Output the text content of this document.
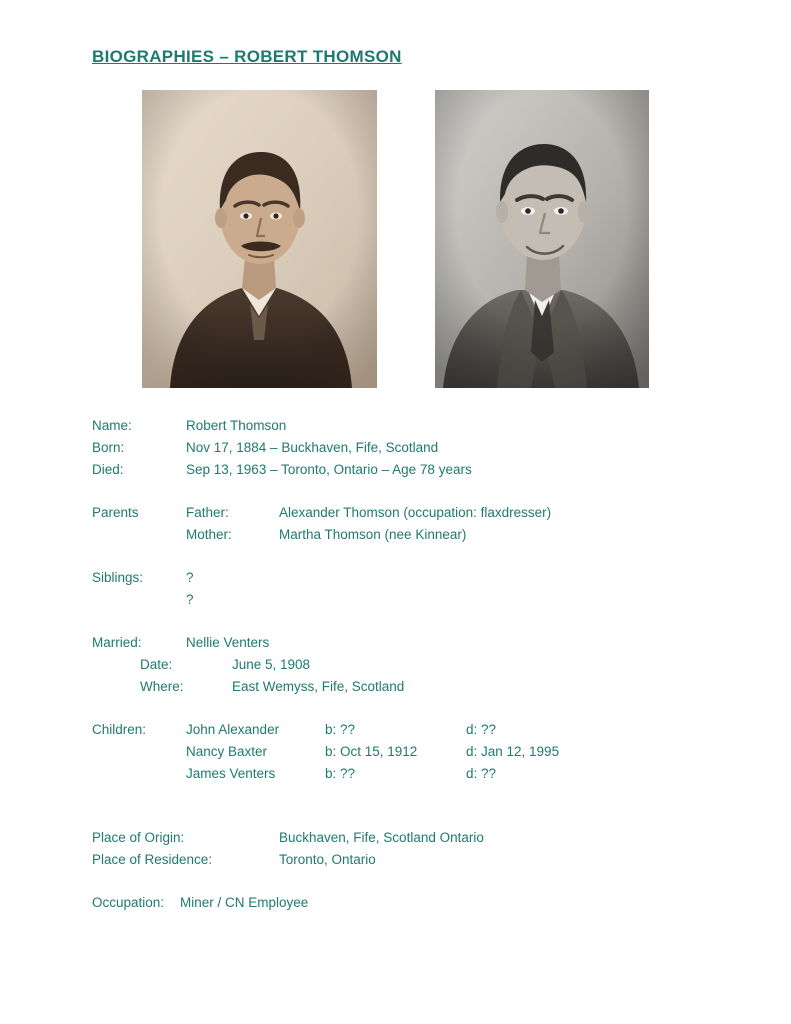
BIOGRAPHIES – ROBERT THOMSON
Name:	Robert Thomson
Born:	Nov 17, 1884 – Buckhaven, Fife, Scotland
Died:	Sep 13, 1963 – Toronto, Ontario – Age 78 years
Parents	Father:	Alexander Thomson (occupation: flaxdresser)
Mother:	Martha Thomson (nee Kinnear)
Siblings:	?
?
Married:	Nellie Venters
Date:	June 5, 1908
Where:	East Wemyss, Fife, Scotland
Children:	John Alexander	b: ??	d: ??
Nancy Baxter	b: Oct 15, 1912	d: Jan 12, 1995
James Venters	b: ??	d: ??
Place of Origin:	Buckhaven, Fife, Scotland Ontario
Place of Residence:	Toronto, Ontario
Occupation: Miner / CN Employee
